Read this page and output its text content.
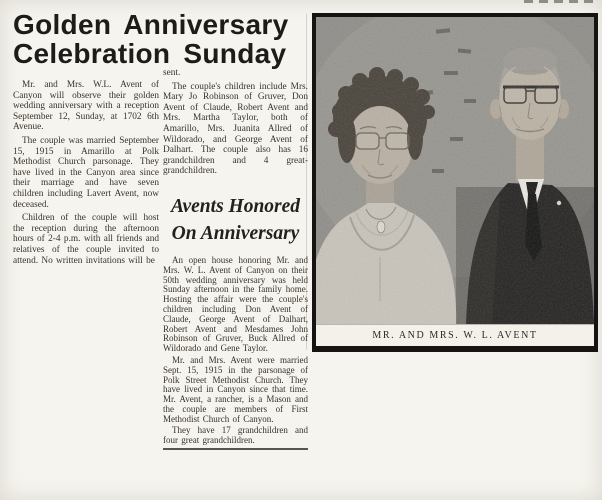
Golden Anniversary
Celebration Sunday

Mr. and Mrs. W.L. Avent of Canyon will observe their golden wedding anniversary with a reception September 12, Sunday, at 1702 6th Avenue.

The couple was married September 15, 1915 in Amarillo at Polk Methodist Church parsonage. They have lived in the Canyon area since their marriage and have seven children including Lavert Avent, now deceased.

Children of the couple will host the reception during the afternoon hours of 2-4 p.m. with all friends and relatives of the couple invited to attend. No written invitations will be

sent.

The couple's children include Mrs. Mary Jo Robinson of Gruver, Don Avent of Claude, Robert Avent and Mrs. Martha Taylor, both of Amarillo, Mrs. Juanita Allred of Wildorado, and George Avent of Dalhart. The couple also has 16 grandchildren and 4 great-grandchildren.

Avents Honored
On Anniversary

An open house honoring Mr. and Mrs. W. L. Avent of Canyon on their 50th wedding anniversary was held Sunday afternoon in the family home. Hosting the affair were the couple's children including Don Avent of Claude, George Avent of Dalhart, Robert Avent and Mesdames John Robinson of Gruver, Buck Allred of Wildorado and Gene Taylor.

Mr. and Mrs. Avent were married Sept. 15, 1915 in the parsonage of Polk Street Methodist Church. They have lived in Canyon since that time. Mr. Avent, a rancher, is a Mason and the couple are members of First Methodist Church of Canyon.

They have 17 grandchildren and four great grandchildren.

MR. AND MRS. W. L. AVENT
